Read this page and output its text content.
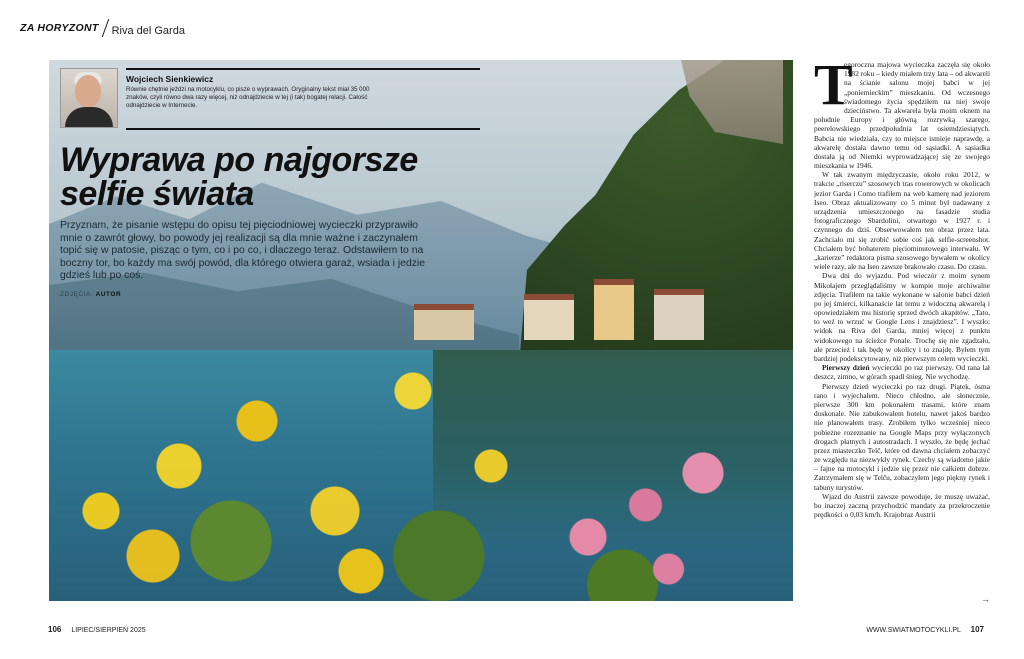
ZA HORYZONT Riva del Garda
Wojciech Sienkiewicz
Równie chętnie jeździ na motocyklu, co pisze o wyprawach. Oryginalny tekst miał 35 000 znaków, czyli równo dwa razy więcej, niż odnajdziecie w tej (i tak) bogatej relacji. Całość odnajdziecie w Internecie.
Wyprawa po najgorsze
selfie świata
Przyznam, że pisanie wstępu do opisu tej pięciodniowej wycieczki przyprawiło mnie o zawrót głowy, bo powody jej realizacji są dla mnie ważne i zaczynałem topić się w patosie, pisząc o tym, co i po co, i dlaczego teraz. Odstawiłem to na boczny tor, bo każdy ma swój powód, dla którego otwiera garaż, wsiada i jedzie gdzieś lub po coś.
ZDJĘCIA: AUTOR

egoroczna majowa wycieczka zaczęła się około 1982 roku – kiedy miałem trzy lata – od akwareli na ścianie salonu mojej babci w jej „poniemieckim” mieszkaniu. Od wczesnego świadomego życia spędziłem na niej swoje dzieciństwo. Ta akwarela była moim oknem na południe Europy i główną rozrywką szarego, peerelowskiego przedpołudnia lat osiemdziesiątych. Babcia nie wiedziała, czy to miejsce istnieje naprawdę, a akwarelę dostała dawno temu od sąsiadki. A sąsiadka dostała ją od Niemki wyprowadzającej się ze swojego mieszkania w 1946.

W tak zwanym międzyczasie, około roku 2012, w trakcie „riserczu” szosowych tras rowerowych w okolicach jezior Garda i Como trafiłem na web kamerę nad jeziorem Iseo. Obraz aktualizowany co 5 minut był nadawany z urządzenia umieszczonego na fasadzie studia fotograficznego Sbardolini, otwartego w 1927 r. i czynnego do dziś. Obserwowałem ten obraz przez lata. Zachciało mi się zrobić sobie coś jak selfie-screenshot. Chciałem być bohaterem pięciominutowego interwału. W „karierze” redaktora pisma szosowego bywałem w okolicy wiele razy, ale na Iseo zawsze brakowało czasu. Do czasu.

Dwa dni do wyjazdu. Pod wieczór z moim synem Mikołajem przeglądaliśmy w kompie moje archiwalne zdjęcia. Trafiłem na takie wykonane w salonie babci dzień po jej śmierci, kilkanaście lat temu z widoczną akwarelą i opowiedziałem mu historię sprzed dwóch akapitów. „Tato, to weź to wrzuć w Google Lens i znajdziesz”. I wyszło: widok na Riva del Garda, mniej więcej z punktu widokowego na ścieżce Ponale. Trochę się nie zgadzało, ale przecież i tak będę w okolicy i to znajdę. Byłem tym bardziej podekscytowany, niż pierwszym celem wycieczki.

Pierwszy dzień wycieczki po raz pierwszy. Od rana lał deszcz, zimno, w górach spadł śnieg. Nie wychodzę.

Pierwszy dzień wycieczki po raz drugi. Piątek, ósma rano i wyjechałem. Nieco chłodno, ale słonecznie, pierwsze 300 km pokonałem trasami, które znam doskonale. Nie zabukowałem hotelu, nawet jakoś bardzo nie planowałem trasy. Zrobiłem tylko wcześniej nieco pobieżne rozeznanie na Google Maps przy wyłączonych drogach płatnych i autostradach. I wyszło, że będę jechać przez miasteczko Telč, które od dawna chciałem zobaczyć ze względu na niezwykły rynek. Czechy są wiadomo jakie – fajne na motocykl i jedzie się przez nie całkiem dobrze. Zatrzymałem się w Telču, zobaczyłem jego piękny rynek i tabuny turystów.

Wjazd do Austrii zawsze powoduje, że muszę uważać, bo inaczej zaczną przychodzić mandaty za przekroczenie prędkości o 0,03 km/h. Krajobraz Austrii

T
→
106 LIPIEC/SIERPIEŃ 2025	WWW.SWIATMOTOCYKLI.PL 107
